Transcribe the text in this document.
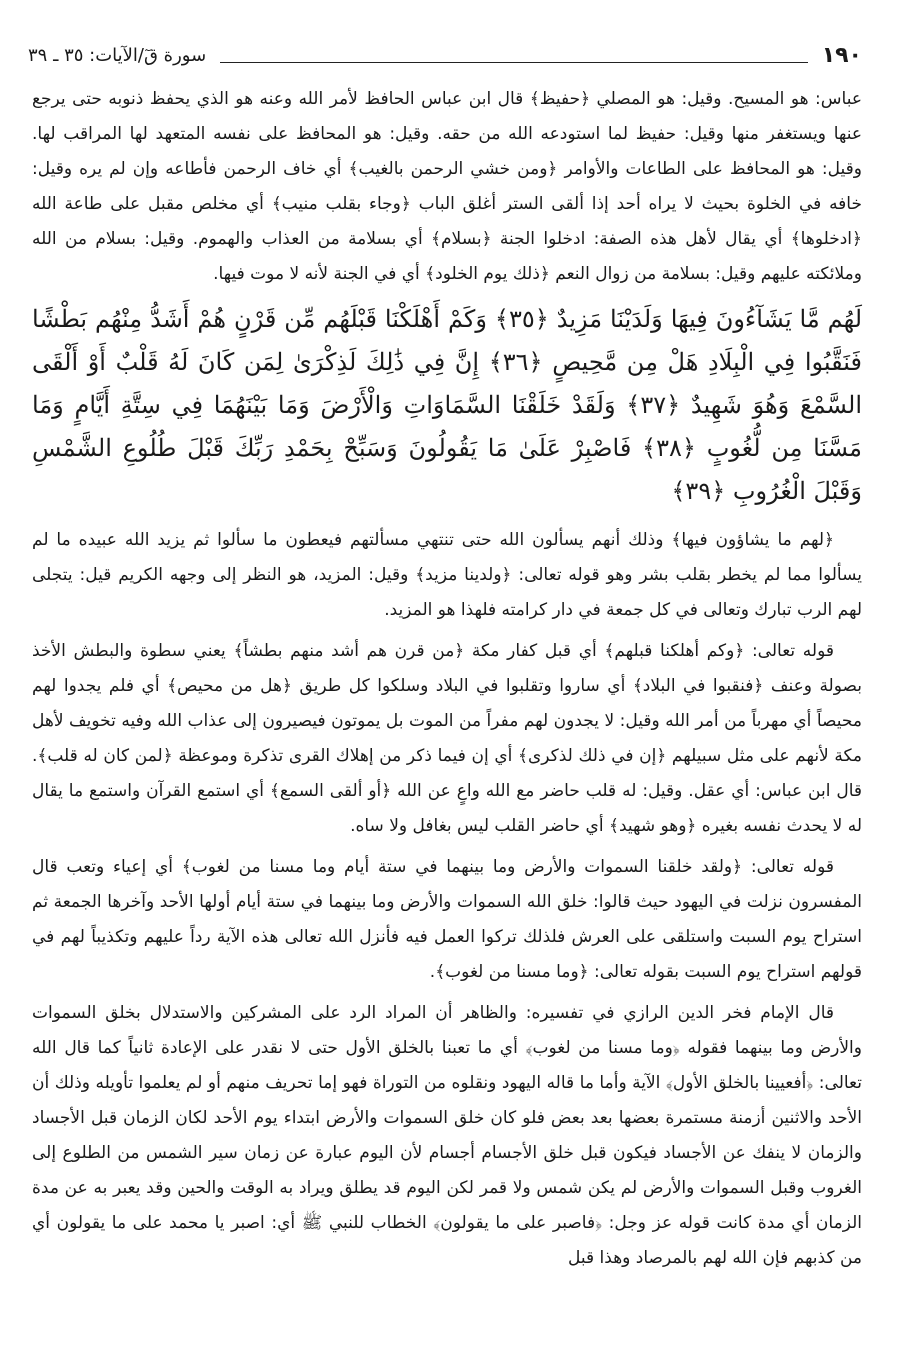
١٩٠
سورة قٓ/الآيات: ٣٥ ـ ٣٩

عباس: هو المسيح. وقيل: هو المصلي ﴿حفيظ﴾ قال ابن عباس الحافظ لأمر الله وعنه هو الذي يحفظ ذنوبه حتى يرجع عنها ويستغفر منها وقيل: حفيظ لما استودعه الله من حقه. وقيل: هو المحافظ على نفسه المتعهد لها المراقب لها. وقيل: هو المحافظ على الطاعات والأوامر ﴿ومن خشي الرحمن بالغيب﴾ أي خاف الرحمن فأطاعه وإن لم يره وقيل: خافه في الخلوة بحيث لا يراه أحد إذا ألقى الستر أغلق الباب ﴿وجاء بقلب منيب﴾ أي مخلص مقبل على طاعة الله ﴿ادخلوها﴾ أي يقال لأهل هذه الصفة: ادخلوا الجنة ﴿بسلام﴾ أي بسلامة من العذاب والهموم. وقيل: بسلام من الله وملائكته عليهم وقيل: بسلامة من زوال النعم ﴿ذلك يوم الخلود﴾ أي في الجنة لأنه لا موت فيها.

لَهُم مَّا يَشَآءُونَ فِيهَا وَلَدَيْنَا مَزِيدٌ ﴿٣٥﴾ وَكَمْ أَهْلَكْنَا قَبْلَهُم مِّن قَرْنٍ هُمْ أَشَدُّ مِنْهُم بَطْشًا فَنَقَّبُوا فِي الْبِلَادِ هَلْ مِن مَّحِيصٍ ﴿٣٦﴾ إِنَّ فِي ذَٰلِكَ لَذِكْرَىٰ لِمَن كَانَ لَهُ قَلْبٌ أَوْ أَلْقَى السَّمْعَ وَهُوَ شَهِيدٌ ﴿٣٧﴾ وَلَقَدْ خَلَقْنَا السَّمَاوَاتِ وَالْأَرْضَ وَمَا بَيْنَهُمَا فِي سِتَّةِ أَيَّامٍ وَمَا مَسَّنَا مِن لُّغُوبٍ ﴿٣٨﴾ فَاصْبِرْ عَلَىٰ مَا يَقُولُونَ وَسَبِّحْ بِحَمْدِ رَبِّكَ قَبْلَ طُلُوعِ الشَّمْسِ وَقَبْلَ الْغُرُوبِ ﴿٣٩﴾

﴿لهم ما يشاؤون فيها﴾ وذلك أنهم يسألون الله حتى تنتهي مسألتهم فيعطون ما سألوا ثم يزيد الله عبيده ما لم يسألوا مما لم يخطر بقلب بشر وهو قوله تعالى: ﴿ولدينا مزيد﴾ وقيل: المزيد، هو النظر إلى وجهه الكريم قيل: يتجلى لهم الرب تبارك وتعالى في كل جمعة في دار كرامته فلهذا هو المزيد.

قوله تعالى: ﴿وكم أهلكنا قبلهم﴾ أي قبل كفار مكة ﴿من قرن هم أشد منهم بطشاً﴾ يعني سطوة والبطش الأخذ بصولة وعنف ﴿فنقبوا في البلاد﴾ أي ساروا وتقلبوا في البلاد وسلكوا كل طريق ﴿هل من محيص﴾ أي فلم يجدوا لهم محيصاً أي مهرباً من أمر الله وقيل: لا يجدون لهم مفراً من الموت بل يموتون فيصيرون إلى عذاب الله وفيه تخويف لأهل مكة لأنهم على مثل سبيلهم ﴿إن في ذلك لذكرى﴾ أي إن فيما ذكر من إهلاك القرى تذكرة وموعظة ﴿لمن كان له قلب﴾. قال ابن عباس: أي عقل. وقيل: له قلب حاضر مع الله واعٍ عن الله ﴿أو ألقى السمع﴾ أي استمع القرآن واستمع ما يقال له لا يحدث نفسه بغيره ﴿وهو شهيد﴾ أي حاضر القلب ليس بغافل ولا ساه.

قوله تعالى: ﴿ولقد خلقنا السموات والأرض وما بينهما في ستة أيام وما مسنا من لغوب﴾ أي إعياء وتعب قال المفسرون نزلت في اليهود حيث قالوا: خلق الله السموات والأرض وما بينهما في ستة أيام أولها الأحد وآخرها الجمعة ثم استراح يوم السبت واستلقى على العرش فلذلك تركوا العمل فيه فأنزل الله تعالى هذه الآية رداً عليهم وتكذيباً لهم في قولهم استراح يوم السبت بقوله تعالى: ﴿وما مسنا من لغوب﴾.

قال الإمام فخر الدين الرازي في تفسيره: والظاهر أن المراد الرد على المشركين والاستدلال بخلق السموات والأرض وما بينهما فقوله ﴿وما مسنا من لغوب﴾ أي ما تعبنا بالخلق الأول حتى لا نقدر على الإعادة ثانياً كما قال الله تعالى: ﴿أفعيينا بالخلق الأول﴾ الآية وأما ما قاله اليهود ونقلوه من التوراة فهو إما تحريف منهم أو لم يعلموا تأويله وذلك أن الأحد والاثنين أزمنة مستمرة بعضها بعد بعض فلو كان خلق السموات والأرض ابتداء يوم الأحد لكان الزمان قبل الأجساد والزمان لا ينفك عن الأجساد فيكون قبل خلق الأجسام أجسام لأن اليوم عبارة عن زمان سير الشمس من الطلوع إلى الغروب وقبل السموات والأرض لم يكن شمس ولا قمر لكن اليوم قد يطلق ويراد به الوقت والحين وقد يعبر به عن مدة الزمان أي مدة كانت قوله عز وجل: ﴿فاصبر على ما يقولون﴾ الخطاب للنبي ﷺ أي: اصبر يا محمد على ما يقولون أي من كذبهم فإن الله لهم بالمرصاد وهذا قبل
